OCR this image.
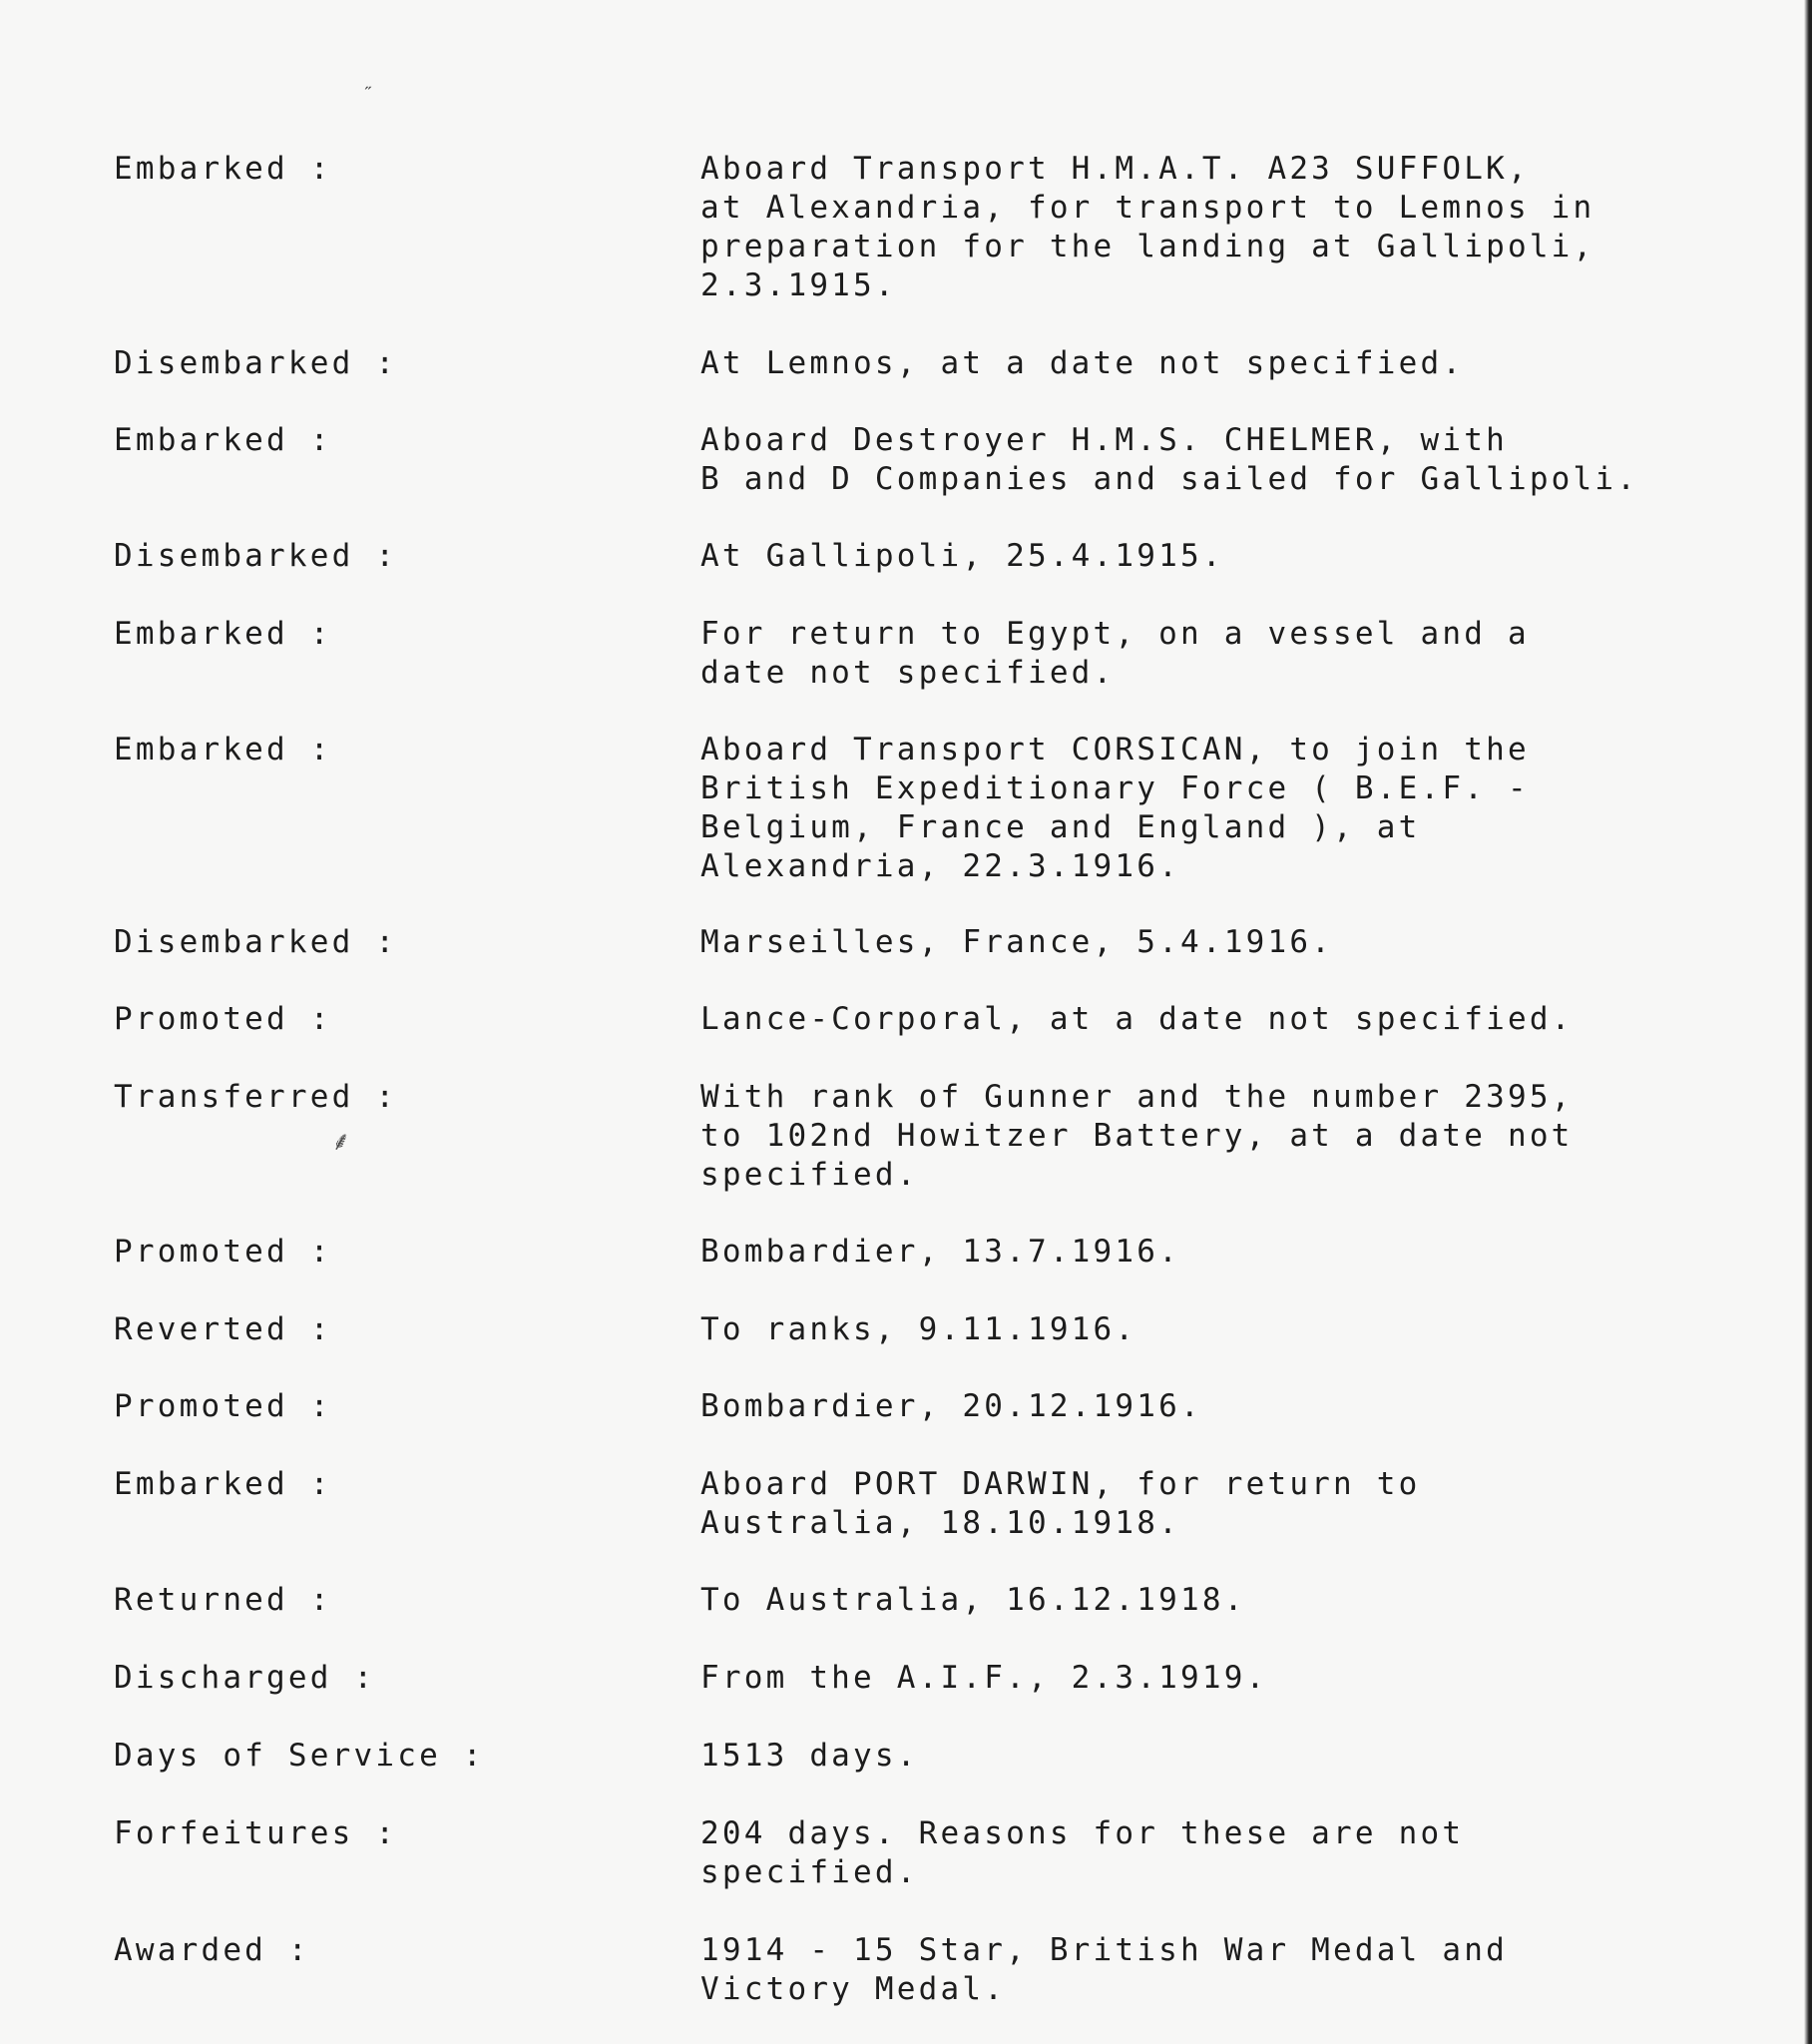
˶
⸙
Embarked :	Aboard Transport H.M.A.T. A23 SUFFOLK,
at Alexandria, for transport to Lemnos in
preparation for the landing at Gallipoli,
2.3.1915.
Disembarked :	At Lemnos, at a date not specified.
Embarked :	Aboard Destroyer H.M.S. CHELMER, with
B and D Companies and sailed for Gallipoli.
Disembarked :	At Gallipoli, 25.4.1915.
Embarked :	For return to Egypt, on a vessel and a
date not specified.
Embarked :	Aboard Transport CORSICAN, to join the
British Expeditionary Force ( B.E.F. -
Belgium, France and England ), at
Alexandria, 22.3.1916.
Disembarked :	Marseilles, France, 5.4.1916.
Promoted :	Lance-Corporal, at a date not specified.
Transferred :	With rank of Gunner and the number 2395,
to 102nd Howitzer Battery, at a date not
specified.
Promoted :	Bombardier, 13.7.1916.
Reverted :	To ranks, 9.11.1916.
Promoted :	Bombardier, 20.12.1916.
Embarked :	Aboard PORT DARWIN, for return to
Australia, 18.10.1918.
Returned :	To Australia, 16.12.1918.
Discharged :	From the A.I.F., 2.3.1919.
Days of Service :	1513 days.
Forfeitures :	204 days. Reasons for these are not
specified.
Awarded :	1914 - 15 Star, British War Medal and
Victory Medal.
